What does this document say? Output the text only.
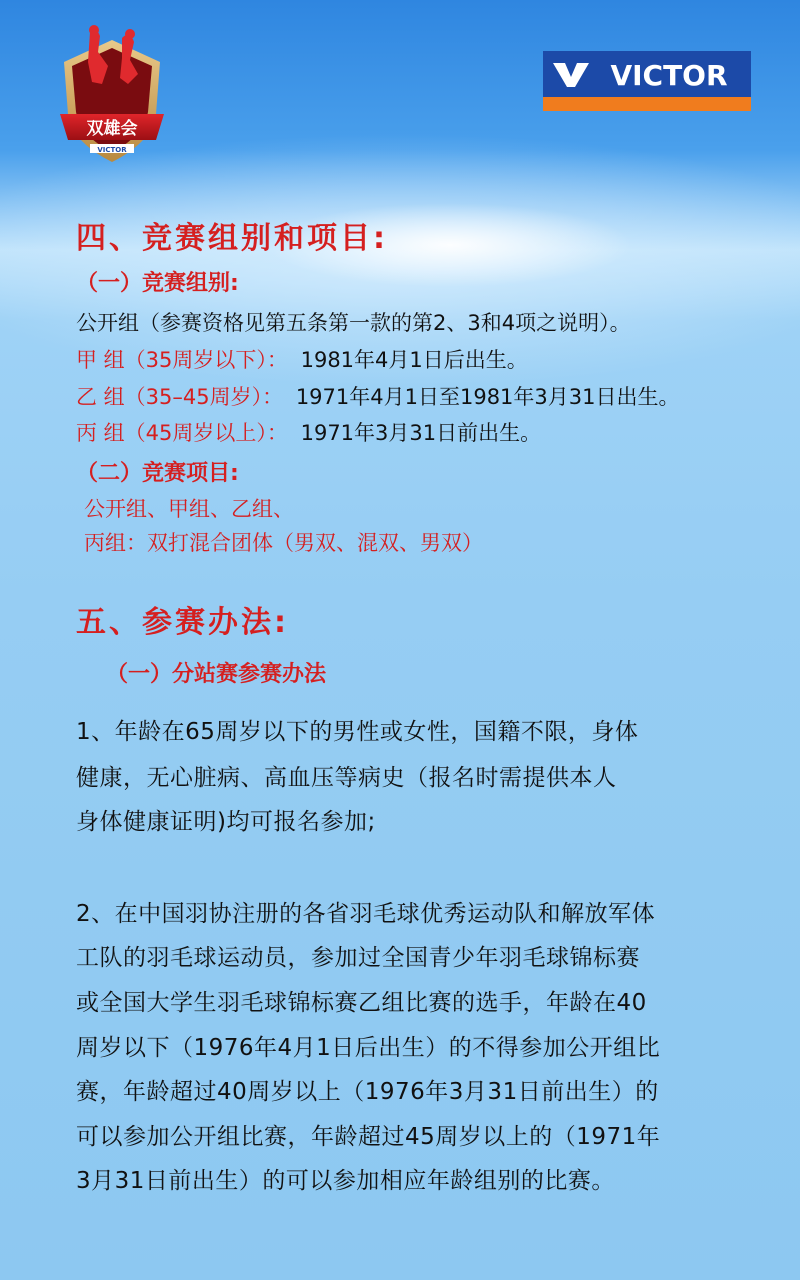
双雄会
VICTOR
VICTOR
四、竞赛组别和项目:
（一）竞赛组别:
公开组（参赛资格见第五条第一款的第2、3和4项之说明）。
甲 组（35周岁以下）： 1981年4月1日后出生。
乙 组（35–45周岁）： 1971年4月1日至1981年3月31日出生。
丙 组（45周岁以上）： 1971年3月31日前出生。
（二）竞赛项目:
公开组、甲组、乙组、
丙组：双打混合团体（男双、混双、男双）
五、参赛办法:
（一）分站赛参赛办法
1、年龄在65周岁以下的男性或女性，国籍不限，身体
健康，无心脏病、高血压等病史（报名时需提供本人
身体健康证明)均可报名参加;
2、在中国羽协注册的各省羽毛球优秀运动队和解放军体
工队的羽毛球运动员，参加过全国青少年羽毛球锦标赛
或全国大学生羽毛球锦标赛乙组比赛的选手，年龄在40
周岁以下（1976年4月1日后出生）的不得参加公开组比
赛，年龄超过40周岁以上（1976年3月31日前出生）的
可以参加公开组比赛，年龄超过45周岁以上的（1971年
3月31日前出生）的可以参加相应年龄组别的比赛。
